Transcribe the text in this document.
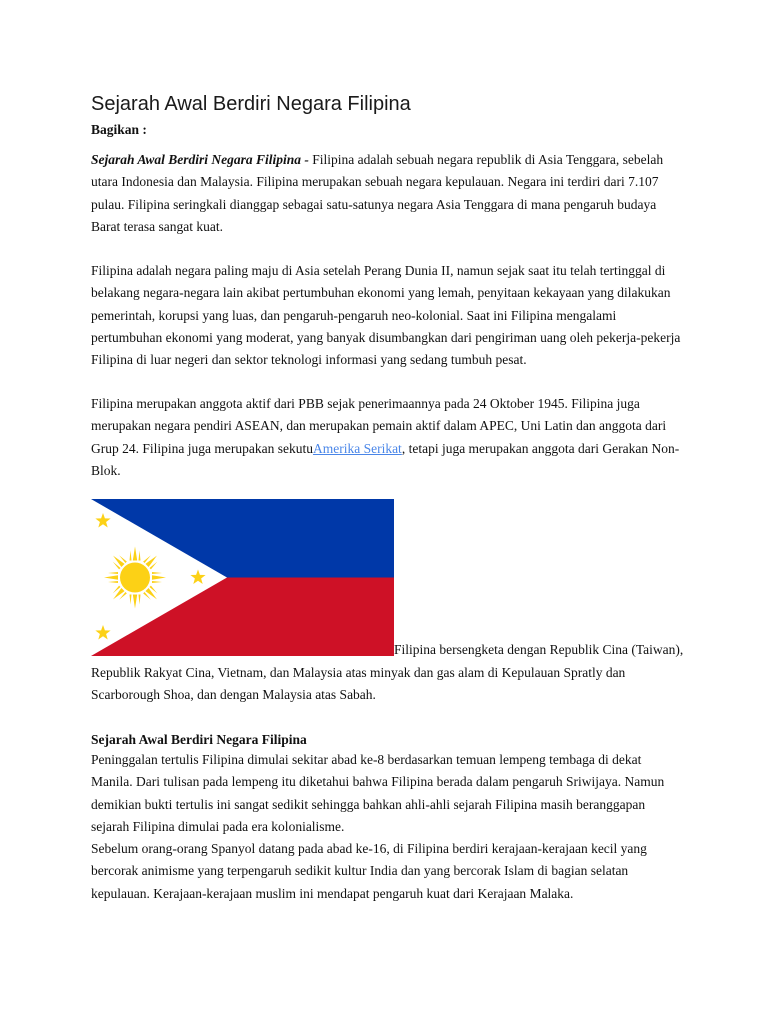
Sejarah Awal Berdiri Negara Filipina
Bagikan :

Sejarah Awal Berdiri Negara Filipina - Filipina adalah sebuah negara republik di Asia Tenggara, sebelah utara Indonesia dan Malaysia. Filipina merupakan sebuah negara kepulauan. Negara ini terdiri dari 7.107 pulau. Filipina seringkali dianggap sebagai satu-satunya negara Asia Tenggara di mana pengaruh budaya Barat terasa sangat kuat.

Filipina adalah negara paling maju di Asia setelah Perang Dunia II, namun sejak saat itu telah tertinggal di belakang negara-negara lain akibat pertumbuhan ekonomi yang lemah, penyitaan kekayaan yang dilakukan pemerintah, korupsi yang luas, dan pengaruh-pengaruh neo-kolonial. Saat ini Filipina mengalami pertumbuhan ekonomi yang moderat, yang banyak disumbangkan dari pengiriman uang oleh pekerja-pekerja Filipina di luar negeri dan sektor teknologi informasi yang sedang tumbuh pesat.

Filipina merupakan anggota aktif dari PBB sejak penerimaannya pada 24 Oktober 1945. Filipina juga merupakan negara pendiri ASEAN, dan merupakan pemain aktif dalam APEC, Uni Latin dan anggota dari Grup 24. Filipina juga merupakan sekutuAmerika Serikat, tetapi juga merupakan anggota dari Gerakan Non-Blok.

Filipina bersengketa dengan Republik Cina (Taiwan),

Republik Rakyat Cina, Vietnam, dan Malaysia atas minyak dan gas alam di Kepulauan Spratly dan Scarborough Shoa, dan dengan Malaysia atas Sabah.

Sejarah Awal Berdiri Negara Filipina

Peninggalan tertulis Filipina dimulai sekitar abad ke-8 berdasarkan temuan lempeng tembaga di dekat Manila. Dari tulisan pada lempeng itu diketahui bahwa Filipina berada dalam pengaruh Sriwijaya. Namun demikian bukti tertulis ini sangat sedikit sehingga bahkan ahli-ahli sejarah Filipina masih beranggapan sejarah Filipina dimulai pada era kolonialisme.

Sebelum orang-orang Spanyol datang pada abad ke-16, di Filipina berdiri kerajaan-kerajaan kecil yang bercorak animisme yang terpengaruh sedikit kultur India dan yang bercorak Islam di bagian selatan kepulauan. Kerajaan-kerajaan muslim ini mendapat pengaruh kuat dari Kerajaan Malaka.
